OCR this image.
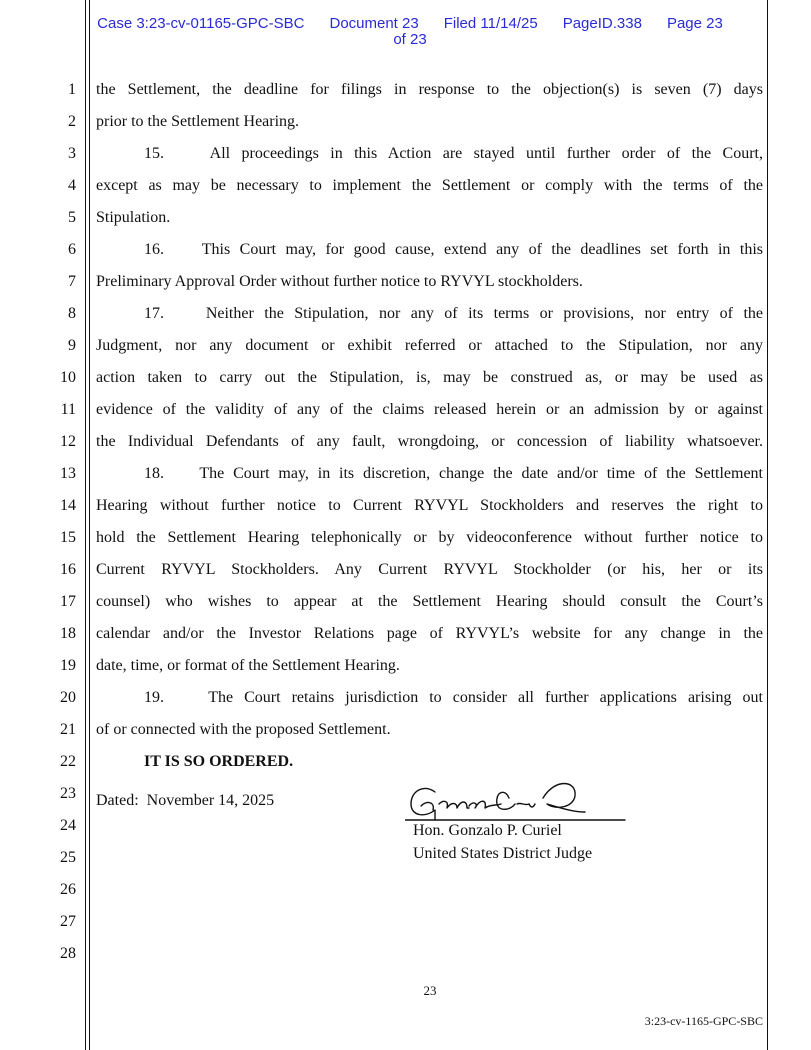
Case 3:23-cv-01165-GPC-SBC Document 23 Filed 11/14/25 PageID.338 Page 23
of 23
1
2
3
4
5
6
7
8
9
10
11
12
13
14
15
16
17
18
19
20
21
22
23
24
25
26
27
28
the Settlement, the deadline for filings in response to the objection(s) is seven (7) days
prior to the Settlement Hearing.
15.    All proceedings in this Action are stayed until further order of the Court,
except as may be necessary to implement the Settlement or comply with the terms of the
Stipulation.
16.    This Court may, for good cause, extend any of the deadlines set forth in this
Preliminary Approval Order without further notice to RYVYL stockholders.
17.    Neither the Stipulation, nor any of its terms or provisions, nor entry of the
Judgment, nor any document or exhibit referred or attached to the Stipulation, nor any
action taken to carry out the Stipulation, is, may be construed as, or may be used as
evidence of the validity of any of the claims released herein or an admission by or against
the Individual Defendants of any fault, wrongdoing, or concession of liability whatsoever.
18.    The Court may, in its discretion, change the date and/or time of the Settlement
Hearing without further notice to Current RYVYL Stockholders and reserves the right to
hold the Settlement Hearing telephonically or by videoconference without further notice to
Current RYVYL Stockholders. Any Current RYVYL Stockholder (or his, her or its
counsel) who wishes to appear at the Settlement Hearing should consult the Court’s
calendar and/or the Investor Relations page of RYVYL’s website for any change in the
date, time, or format of the Settlement Hearing.
19.    The Court retains jurisdiction to consider all further applications arising out
of or connected with the proposed Settlement.
IT IS SO ORDERED.
Dated:  November 14, 2025
Hon. Gonzalo P. Curiel
United States District Judge
23
3:23-cv-1165-GPC-SBC
